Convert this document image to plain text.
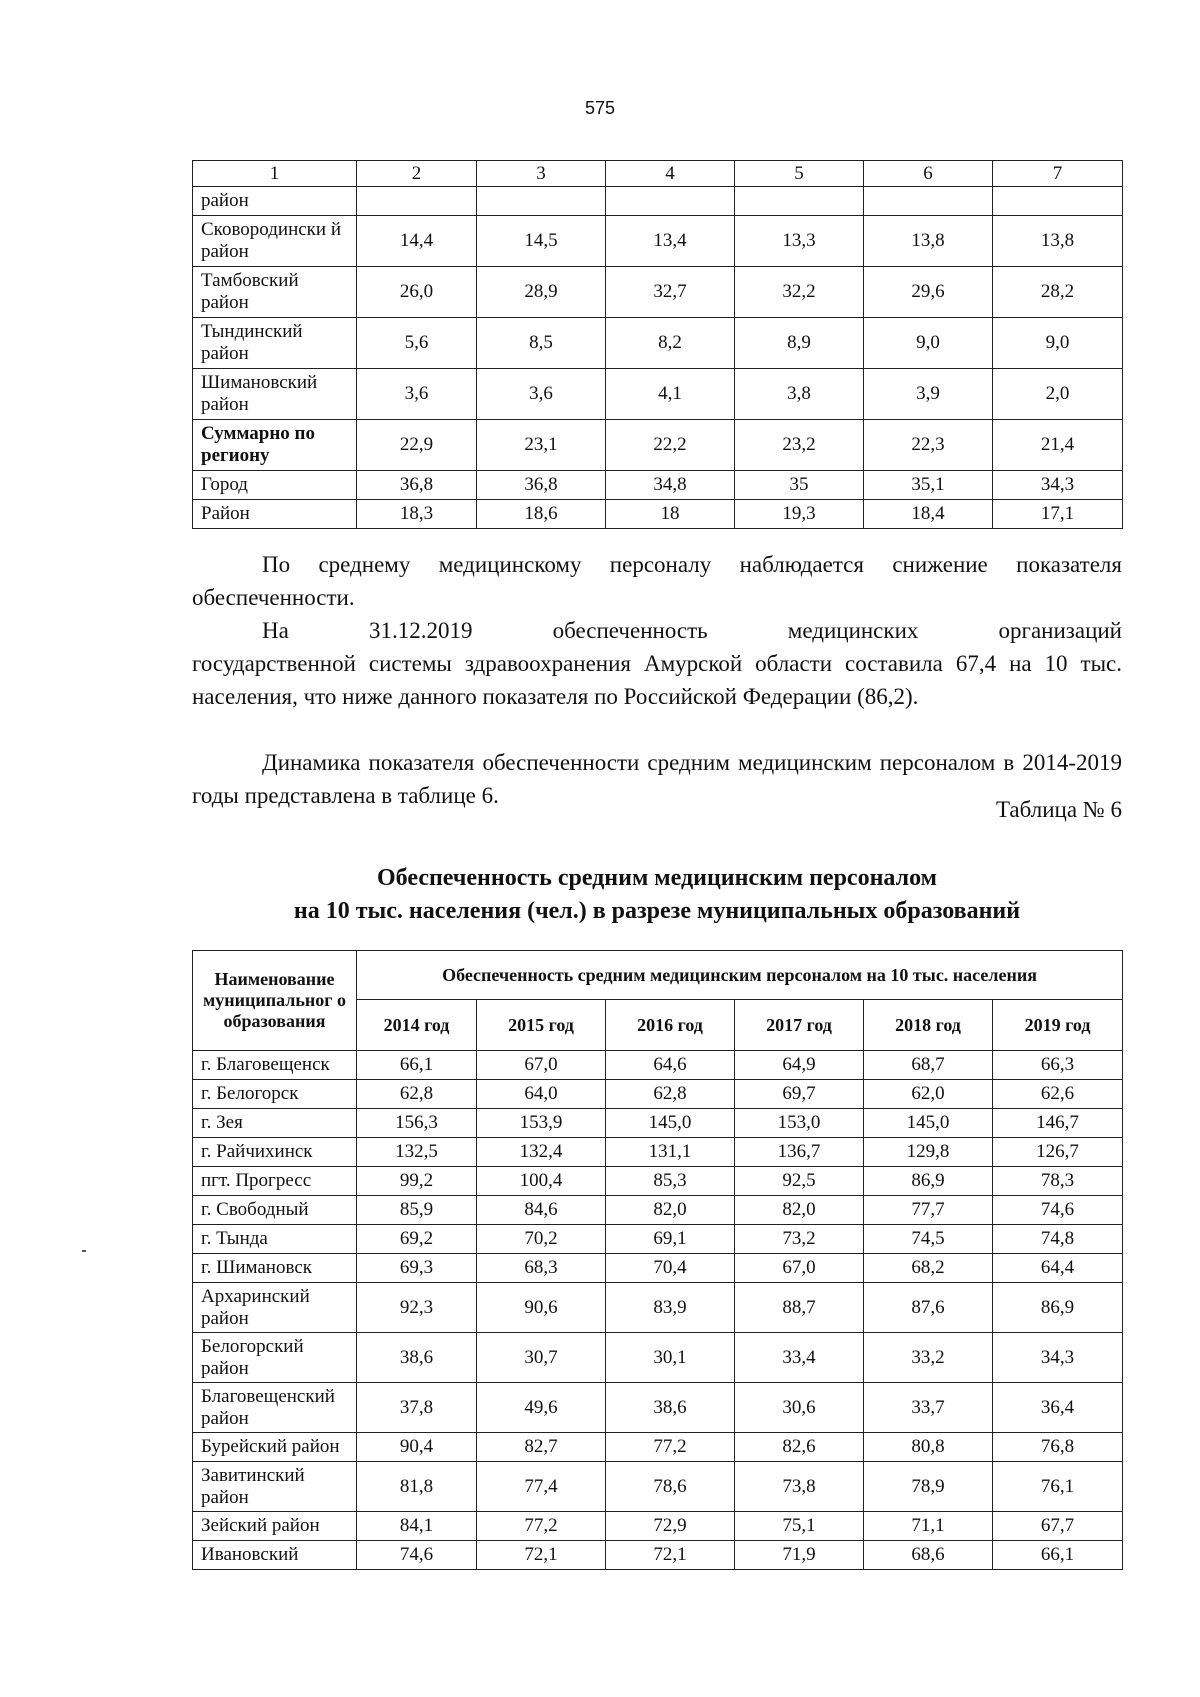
575
1	2	3	4	5	6	7
район						
Сковородински й район	14,4	14,5	13,4	13,3	13,8	13,8
Тамбовский район	26,0	28,9	32,7	32,2	29,6	28,2
Тындинский район	5,6	8,5	8,2	8,9	9,0	9,0
Шимановский район	3,6	3,6	4,1	3,8	3,9	2,0
Суммарно по региону	22,9	23,1	22,2	23,2	22,3	21,4
Город	36,8	36,8	34,8	35	35,1	34,3
Район	18,3	18,6	18	19,3	18,4	17,1

По среднему медицинскому персоналу наблюдается снижение показателя обеспеченности.

На 31.12.2019 обеспеченность медицинских организаций

государственной системы здравоохранения Амурской области составила 67,4 на 10 тыс. населения, что ниже данного показателя по Российской Федерации (86,2).

Динамика показателя обеспеченности средним медицинским персоналом в 2014-2019 годы представлена в таблице 6.

Таблица № 6

Обеспеченность средним медицинским персоналом
на 10 тыс. населения (чел.) в разрезе муниципальных образований

Наименование муниципальног о образования	Обеспеченность средним медицинским персоналом на 10 тыс. населения					
	2014 год	2015 год	2016 год	2017 год	2018 год	2019 год
г. Благовещенск	66,1	67,0	64,6	64,9	68,7	66,3
г. Белогорск	62,8	64,0	62,8	69,7	62,0	62,6
г. Зея	156,3	153,9	145,0	153,0	145,0	146,7
г. Райчихинск	132,5	132,4	131,1	136,7	129,8	126,7
пгт. Прогресс	99,2	100,4	85,3	92,5	86,9	78,3
г. Свободный	85,9	84,6	82,0	82,0	77,7	74,6
г. Тында	69,2	70,2	69,1	73,2	74,5	74,8
г. Шимановск	69,3	68,3	70,4	67,0	68,2	64,4
Архаринский район	92,3	90,6	83,9	88,7	87,6	86,9
Белогорский район	38,6	30,7	30,1	33,4	33,2	34,3
Благовещенский район	37,8	49,6	38,6	30,6	33,7	36,4
Бурейский район	90,4	82,7	77,2	82,6	80,8	76,8
Завитинский район	81,8	77,4	78,6	73,8	78,9	76,1
Зейский район	84,1	77,2	72,9	75,1	71,1	67,7
Ивановский	74,6	72,1	72,1	71,9	68,6	66,1
